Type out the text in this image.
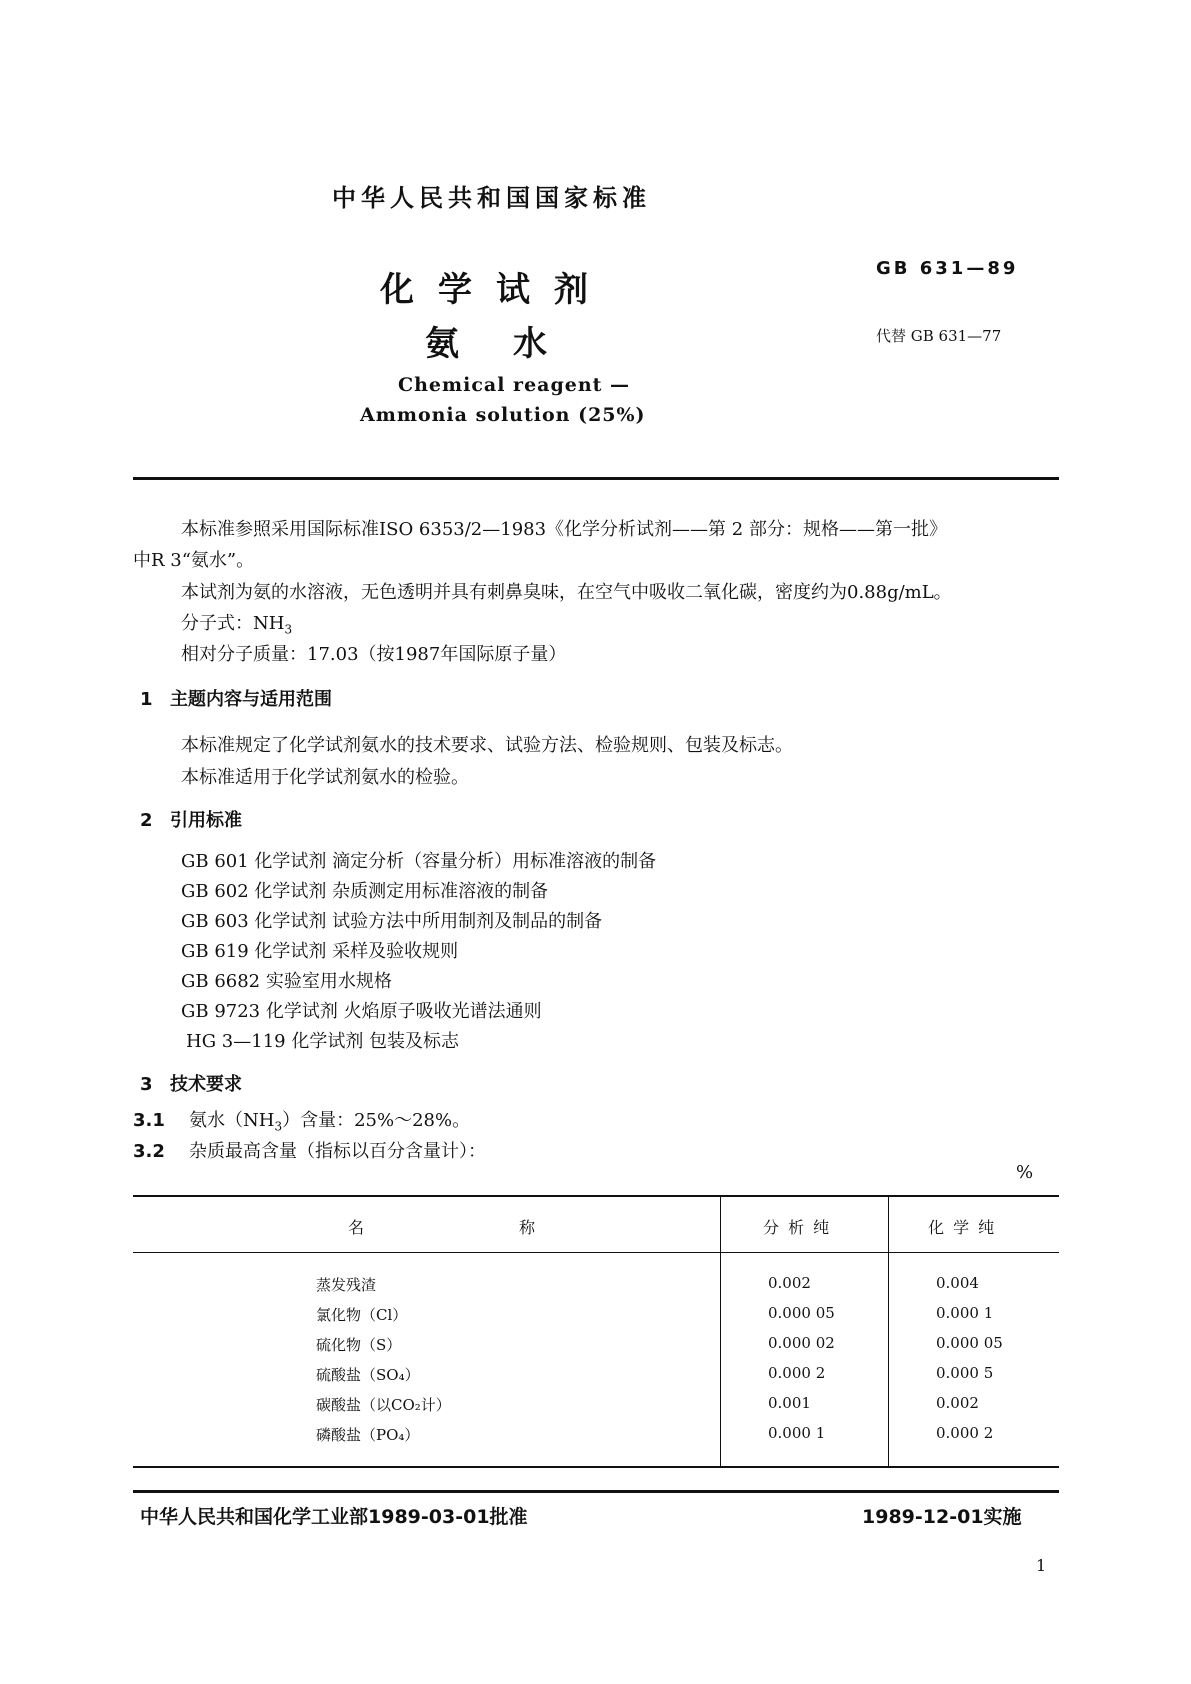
中华人民共和国国家标准
化学试剂
氨水
GB 631—89
代替 GB 631—77
Chemical reagent —
Ammonia solution (25%)
本标准参照采用国际标准ISO 6353/2—1983《化学分析试剂——第 2 部分：规格——第一批》
中R 3“氨水”。
本试剂为氨的水溶液，无色透明并具有刺鼻臭味，在空气中吸收二氧化碳，密度约为0.88g/mL。
分子式：$NH_3$
相对分子质量：17.03（按1987年国际原子量）
1 主题内容与适用范围
本标准规定了化学试剂氨水的技术要求、试验方法、检验规则、包装及标志。
本标准适用于化学试剂氨水的检验。
2 引用标准
GB 601 化学试剂 滴定分析（容量分析）用标准溶液的制备
GB 602 化学试剂 杂质测定用标准溶液的制备
GB 603 化学试剂 试验方法中所用制剂及制品的制备
GB 619 化学试剂 采样及验收规则
GB 6682 实验室用水规格
GB 9723 化学试剂 火焰原子吸收光谱法通则
HG 3—119 化学试剂 包装及标志
3 技术要求
3.1 氨水$(NH_3)$含量：25%～28%。
3.2 杂质最高含量（指标以百分含量计）：
%
名	称	分 析 纯	化 学 纯
蒸发残渣	0.002	0.004
氯化物（Cl）	0.000 05	0.000 1
硫化物（S）	0.000 02	0.000 05
硫酸盐（SO₄）	0.000 2	0.000 5
碳酸盐（以CO₂计）	0.001	0.002
磷酸盐（PO₄）	0.000 1	0.000 2
中华人民共和国化学工业部1989-03-01批准	1989-12-01实施
1
